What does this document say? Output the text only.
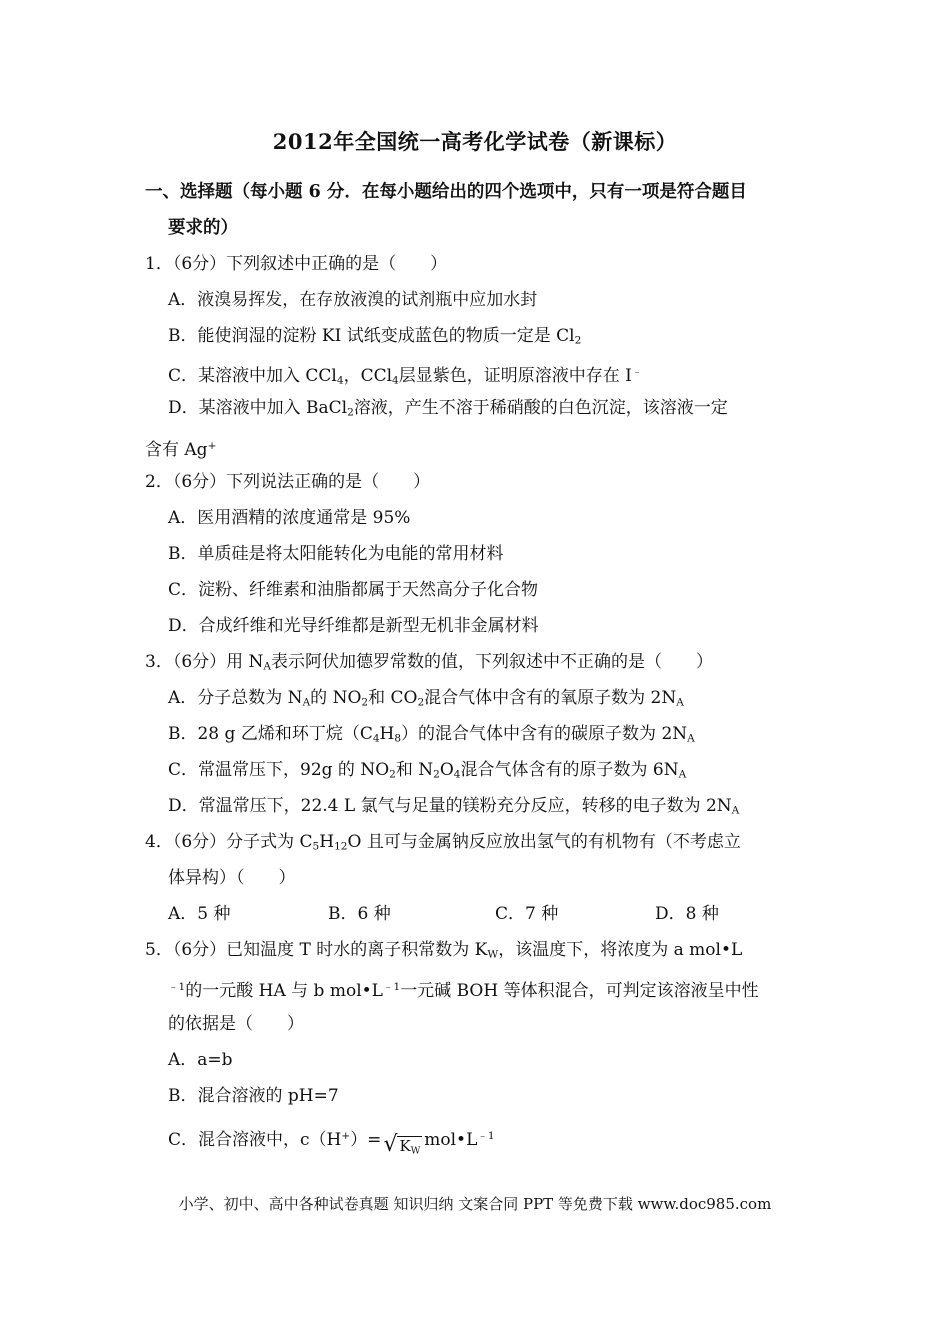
2012年全国统一高考化学试卷（新课标）
一、选择题（每小题 6 分．在每小题给出的四个选项中，只有一项是符合题目
要求的）
1．（6分）下列叙述中正确的是（　　）
A．液溴易挥发，在存放液溴的试剂瓶中应加水封
B．能使润湿的淀粉 KI 试纸变成蓝色的物质一定是 $Cl_2$
C．某溶液中加入 CCl$_4$，CCl$_4$层显紫色，证明原溶液中存在 I﹣
D．某溶液中加入 BaCl$_2$溶液，产生不溶于稀硝酸的白色沉淀，该溶液一定
含有 Ag+
2．（6分）下列说法正确的是（　　）
A．医用酒精的浓度通常是 95%
B．单质硅是将太阳能转化为电能的常用材料
C．淀粉、纤维素和油脂都属于天然高分子化合物
D．合成纤维和光导纤维都是新型无机非金属材料
3．（6分）用 $N_A$表示阿伏加德罗常数的值，下列叙述中不正确的是（　　）
A．分子总数为 $N_A$的 $NO_2$和 $CO_2$混合气体中含有的氧原子数为 $2N_A$
B．28 g 乙烯和环丁烷$(C_4H_8)$的混合气体中含有的碳原子数为 $2N_A$
C．常温常压下，92g 的 $NO_2$和 $N_2O_4$混合气体含有的原子数为 $6N_A$
D．常温常压下，22.4 L 氯气与足量的镁粉充分反应，转移的电子数为 $2N_A$
4．（6分）分子式为 $C_5H_{12}O$ 且可与金属钠反应放出氢气的有机物有（不考虑立
体异构）（　　）
A．5 种	B．6 种	C．7 种	D．8 种
5．（6分）已知温度 T 时水的离子积常数为 $K_W$，该温度下，将浓度为 a mol•L
$^{﹣1}$的一元酸 HA 与 b $mol•L^{﹣1}$一元碱 BOH 等体积混合，可判定该溶液呈中性
的依据是（　　）
A．a=b
B．混合溶液的 pH=7
C．混合溶液中，c（H+）=√ $K_Wmol•L^{﹣1}$
小学、初中、高中各种试卷真题 知识归纳 文案合同 PPT 等免费下载 www.doc985.com
